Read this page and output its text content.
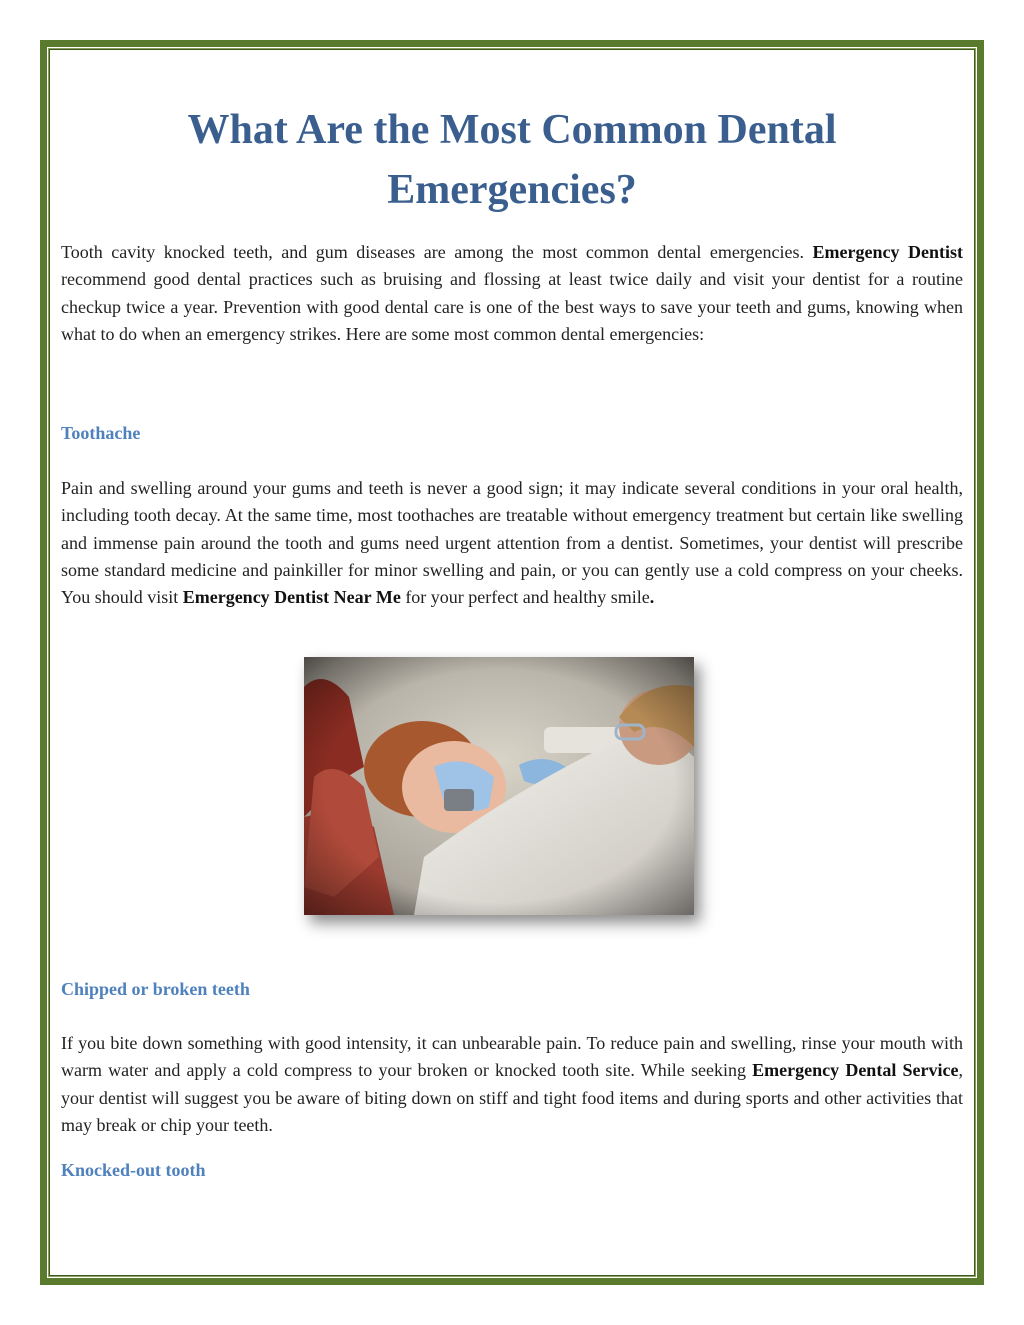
What Are the Most Common Dental Emergencies?

Tooth cavity knocked teeth, and gum diseases are among the most common dental emergencies. Emergency Dentist recommend good dental practices such as bruising and flossing at least twice daily and visit your dentist for a routine checkup twice a year. Prevention with good dental care is one of the best ways to save your teeth and gums, knowing when what to do when an emergency strikes. Here are some most common dental emergencies:

Toothache

Pain and swelling around your gums and teeth is never a good sign; it may indicate several conditions in your oral health, including tooth decay. At the same time, most toothaches are treatable without emergency treatment but certain like swelling and immense pain around the tooth and gums need urgent attention from a dentist. Sometimes, your dentist will prescribe some standard medicine and painkiller for minor swelling and pain, or you can gently use a cold compress on your cheeks. You should visit Emergency Dentist Near Me for your perfect and healthy smile.

Chipped or broken teeth

If you bite down something with good intensity, it can unbearable pain. To reduce pain and swelling, rinse your mouth with warm water and apply a cold compress to your broken or knocked tooth site. While seeking Emergency Dental Service, your dentist will suggest you be aware of biting down on stiff and tight food items and during sports and other activities that may break or chip your teeth.

Knocked-out tooth
